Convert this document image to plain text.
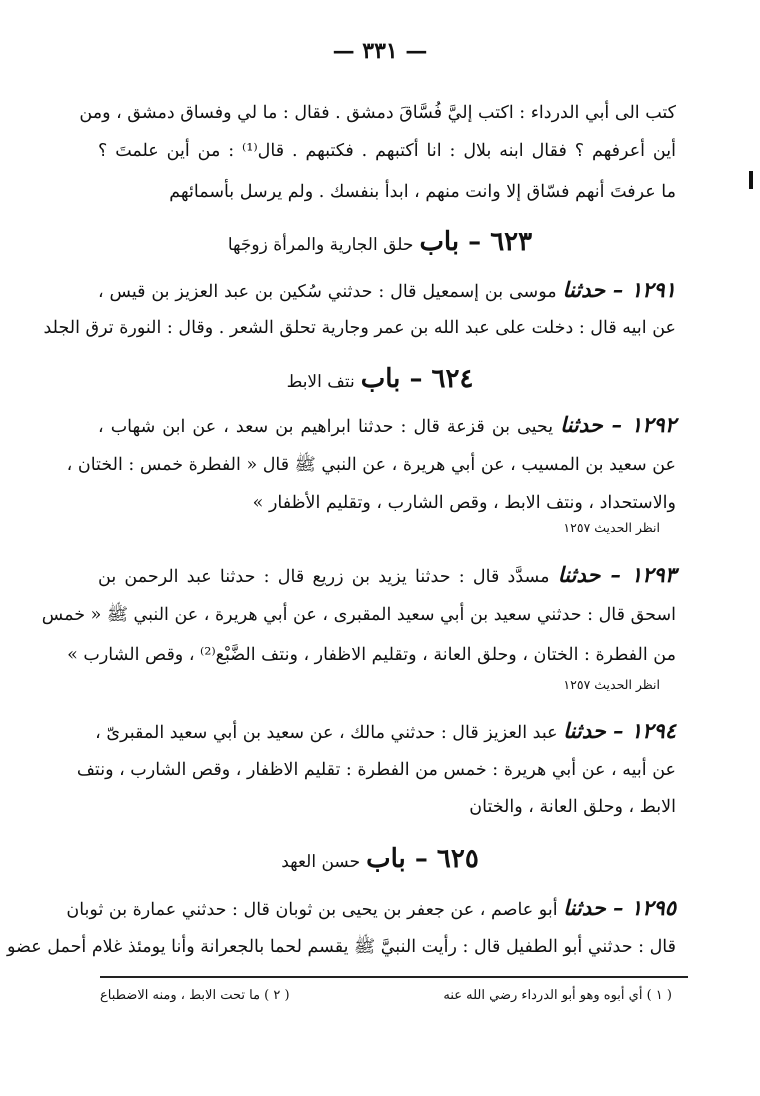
— ٣٣١ —
كتب الى أبي الدرداء : اكتب إليَّ فُسَّاقَ دمشق . فقال : ما لي وفساق دمشق ، ومن
أين أعرفهم ؟ فقال ابنه بلال : انا أكتبهم . فكتبهم . قال⁽¹⁾ : من أين علمتَ ؟
ما عرفتَ أنهم فسّاق إلا وانت منهم ، ابدأ بنفسك . ولم يرسل بأسمائهم
٦٢٣ – باب حلق الجارية والمرأة زوجَها
١٢٩١ – حدثنا موسى بن إسمعيل قال : حدثني سُكين بن عبد العزيز بن قيس ،
عن ابيه قال : دخلت على عبد الله بن عمر وجارية تحلق الشعر . وقال : النورة ترق الجلد
٦٢٤ – باب نتف الابط
١٢٩٢ – حدثنا يحيى بن قزعة قال : حدثنا ابراهيم بن سعد ، عن ابن شهاب ،
عن سعيد بن المسيب ، عن أبي هريرة ، عن النبي ﷺ قال « الفطرة خمس : الختان ،
والاستحداد ، ونتف الابط ، وقص الشارب ، وتقليم الأظفار »
انظر الحديث ١٢٥٧
١٢٩٣ – حدثنا مسدَّد قال : حدثنا يزيد بن زريع قال : حدثنا عبد الرحمن بن
اسحق قال : حدثني سعيد بن أبي سعيد المقبرى ، عن أبي هريرة ، عن النبي ﷺ « خمس
من الفطرة : الختان ، وحلق العانة ، وتقليم الاظفار ، ونتف الضَّبْع⁽²⁾ ، وقص الشارب »
انظر الحديث ١٢٥٧
١٢٩٤ – حدثنا عبد العزيز قال : حدثني مالك ، عن سعيد بن أبي سعيد المقبرىّ ،
عن أبيه ، عن أبي هريرة : خمس من الفطرة : تقليم الاظفار ، وقص الشارب ، ونتف
الابط ، وحلق العانة ، والختان
٦٢٥ – باب حسن العهد
١٢٩٥ – حدثنا أبو عاصم ، عن جعفر بن يحيى بن ثوبان قال : حدثني عمارة بن ثوبان
قال : حدثني أبو الطفيل قال : رأيت النبيَّ ﷺ يقسم لحما بالجعرانة وأنا يومئذ غلام أحمل عضو
( ١ ) أي أبوه وهو أبو الدرداء رضي الله عنه
( ٢ ) ما تحت الابط ، ومنه الاضطباع
